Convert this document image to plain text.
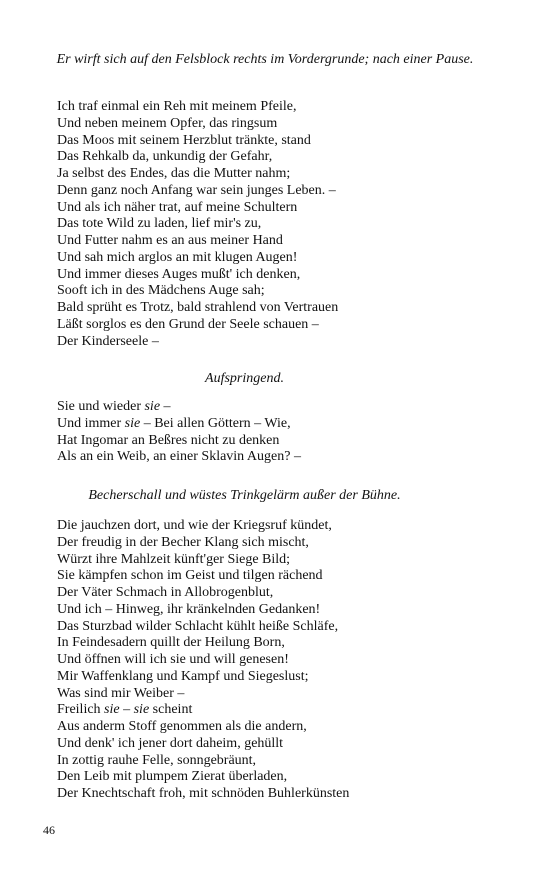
Er wirft sich auf den Felsblock rechts im Vordergrunde; nach einer Pause.
Ich traf einmal ein Reh mit meinem Pfeile,
Und neben meinem Opfer, das ringsum
Das Moos mit seinem Herzblut tränkte, stand
Das Rehkalb da, unkundig der Gefahr,
Ja selbst des Endes, das die Mutter nahm;
Denn ganz noch Anfang war sein junges Leben. –
Und als ich näher trat, auf meine Schultern
Das tote Wild zu laden, lief mir's zu,
Und Futter nahm es an aus meiner Hand
Und sah mich arglos an mit klugen Augen!
Und immer dieses Auges mußt' ich denken,
Sooft ich in des Mädchens Auge sah;
Bald sprüht es Trotz, bald strahlend von Vertrauen
Läßt sorglos es den Grund der Seele schauen –
Der Kinderseele –
Aufspringend.
Sie und wieder sie –
Und immer sie – Bei allen Göttern – Wie,
Hat Ingomar an Beßres nicht zu denken
Als an ein Weib, an einer Sklavin Augen? –
Becherschall und wüstes Trinkgelärm außer der Bühne.
Die jauchzen dort, und wie der Kriegsruf kündet,
Der freudig in der Becher Klang sich mischt,
Würzt ihre Mahlzeit künft'ger Siege Bild;
Sie kämpfen schon im Geist und tilgen rächend
Der Väter Schmach in Allobrogenblut,
Und ich – Hinweg, ihr kränkelnden Gedanken!
Das Sturzbad wilder Schlacht kühlt heiße Schläfe,
In Feindesadern quillt der Heilung Born,
Und öffnen will ich sie und will genesen!
Mir Waffenklang und Kampf und Siegeslust;
Was sind mir Weiber –
Freilich sie – sie scheint
Aus anderm Stoff genommen als die andern,
Und denk' ich jener dort daheim, gehüllt
In zottig rauhe Felle, sonngebräunt,
Den Leib mit plumpem Zierat überladen,
Der Knechtschaft froh, mit schnöden Buhlerkünsten
46
